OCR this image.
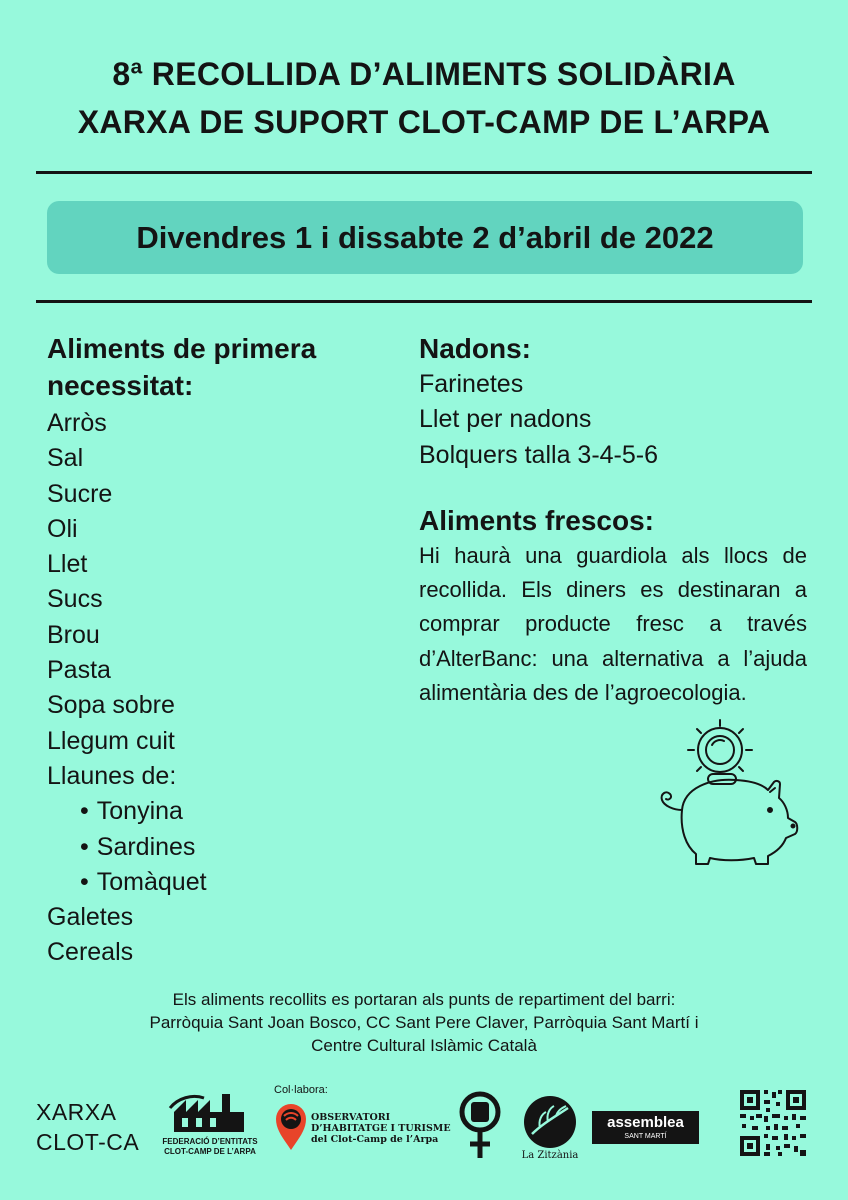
8ª RECOLLIDA D’ALIMENTS SOLIDÀRIA
XARXA DE SUPORT CLOT-CAMP DE L’ARPA
Divendres 1 i dissabte 2 d’abril de 2022
Aliments de primera
necessitat:
Arròs
Sal
Sucre
Oli
Llet
Sucs
Brou
Pasta
Sopa sobre
Llegum cuit
Llaunes de:
• Tonyina
• Sardines
• Tomàquet
Galetes
Cereals
Nadons:
Farinetes
Llet per nadons
Bolquers talla 3-4-5-6
Aliments frescos:
Hi haurà una guardiola als llocs de recollida. Els diners es destinaran a comprar producte fresc a través d’AlterBanc: una alternativa a l’ajuda alimentària des de l’agroecologia.
Els aliments recollits es portaran als punts de repartiment del barri:
Parròquia Sant Joan Bosco, CC Sant Pere Claver, Parròquia Sant Martí i
Centre Cultural Islàmic Català
XARXA
CLOT-CA	FEDERACIÓ D’ENTITATS
CLOT-CAMP DE L’ARPA
Col·labora:
OBSERVATORI
D’HABITATGE I TURISME
del Clot-Camp de l’Arpa
La Zitzània
assemblea
SANT MARTÍ
